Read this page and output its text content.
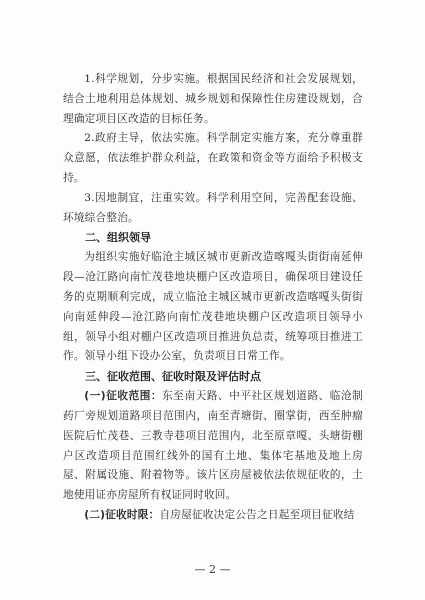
1.科学规划，分步实施。根据国民经济和社会发展规划，结合土地利用总体规划、城乡规划和保障性住房建设规划，合理确定项目区改造的目标任务。

2.政府主导，依法实施。科学制定实施方案，充分尊重群众意愿，依法维护群众利益，在政策和资金等方面给予积极支持。

3.因地制宜，注重实效。科学利用空间，完善配套设施、环境综合整治。

二、组织领导

为组织实施好临沧主城区城市更新改造喀嘎头街街南延伸段—沧江路向南忙茂巷地块棚户区改造项目，确保项目建设任务的克期顺利完成，成立临沧主城区城市更新改造喀嘎头街街向南延伸段—沧江路向南忙茂巷地块棚户区改造项目领导小组，领导小组对棚户区改造项目推进负总责，统筹项目推进工作。领导小组下设办公室，负责项目日常工作。

三、征收范围、征收时限及评估时点

(一)征收范围：东至南天路、中平社区规划道路、临沧制药厂旁规划道路项目范围内，南至青塘街、圈掌街，西至肿瘤医院后忙茂巷、三教寺巷项目范围内，北至原章嘎、头塘街棚户区改造项目范围红线外的国有土地、集体宅基地及地上房屋、附属设施、附着物等。该片区房屋被依法依规征收的，土地使用证亦房屋所有权证同时收回。

(二)征收时限：自房屋征收决定公告之日起至项目征收结

— 2 —
